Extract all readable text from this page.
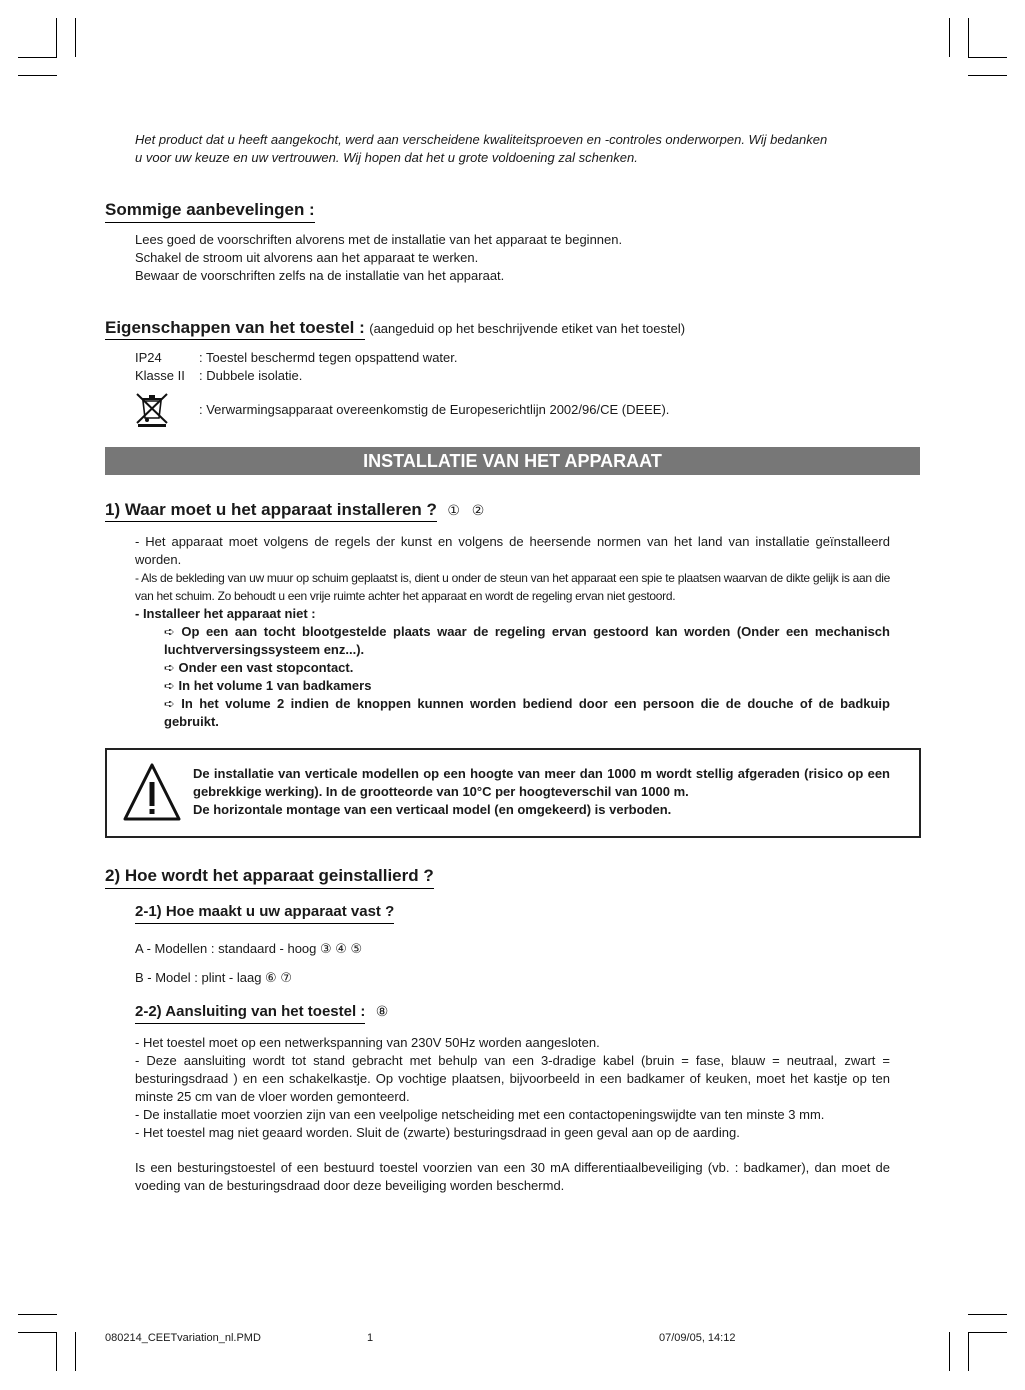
Het product dat u heeft aangekocht, werd aan verscheidene kwaliteitsproeven en -controles onderworpen. Wij bedanken
u voor uw keuze en uw vertrouwen. Wij hopen dat het u grote voldoening zal schenken.
Sommige aanbevelingen :
Lees goed de voorschriften alvorens met de installatie van het apparaat te beginnen.
Schakel de stroom uit alvorens aan het apparaat te werken.
Bewaar de voorschriften zelfs na de installatie van het apparaat.
Eigenschappen van het toestel : (aangeduid op het beschrijvende etiket van het toestel)
IP24	: Toestel beschermd tegen opspattend water.
Klasse II : Dubbele isolatie.
: Verwarmingsapparaat overeenkomstig de Europeserichtlijn 2002/96/CE (DEEE).
INSTALLATIE VAN HET APPARAAT
1) Waar moet u het apparaat installeren ? ① ②
- Het apparaat moet volgens de regels der kunst en volgens de heersende normen van het land van installatie geïnstalleerd worden.
- Als de bekleding van uw muur op schuim geplaatst is, dient u onder de steun van het apparaat een spie te plaatsen waarvan de dikte gelijk is aan die van het schuim. Zo behoudt u een vrije ruimte achter het apparaat en wordt de regeling ervan niet gestoord.
- Installeer het apparaat niet :
➪ Op een aan tocht blootgestelde plaats waar de regeling ervan gestoord kan worden (Onder een mechanisch luchtverversingssysteem enz...).
➪ Onder een vast stopcontact.
➪ In het volume 1 van badkamers
➪ In het volume 2 indien de knoppen kunnen worden bediend door een persoon die de douche of de badkuip gebruikt.
De installatie van verticale modellen op een hoogte van meer dan 1000 m wordt stellig afgeraden (risico op een gebrekkige werking). In de grootteorde van 10°C per hoogteverschil van 1000 m.
De horizontale montage van een verticaal model (en omgekeerd) is verboden.
2) Hoe wordt het apparaat geinstallierd ?
2-1) Hoe maakt u uw apparaat vast ?
A - Modellen : standaard - hoog ③ ④ ⑤
B - Model : plint - laag ⑥ ⑦
2-2) Aansluiting van het toestel : ⑧
- Het toestel moet op een netwerkspanning van 230V 50Hz worden aangesloten.
- Deze aansluiting wordt tot stand gebracht met behulp van een 3-dradige kabel (bruin = fase, blauw = neutraal, zwart = besturingsdraad ) en een schakelkastje. Op vochtige plaatsen, bijvoorbeeld in een badkamer of keuken, moet het kastje op ten minste 25 cm van de vloer worden gemonteerd.
- De installatie moet voorzien zijn van een veelpolige netscheiding met een contactopeningswijdte van ten minste 3 mm.
- Het toestel mag niet geaard worden. Sluit de (zwarte) besturingsdraad in geen geval aan op de aarding.
Is een besturingstoestel of een bestuurd toestel voorzien van een 30 mA differentiaalbeveiliging (vb. : badkamer), dan moet de voeding van de besturingsdraad door deze beveiliging worden beschermd.
080214_CEETvariation_nl.PMD	1	07/09/05, 14:12
